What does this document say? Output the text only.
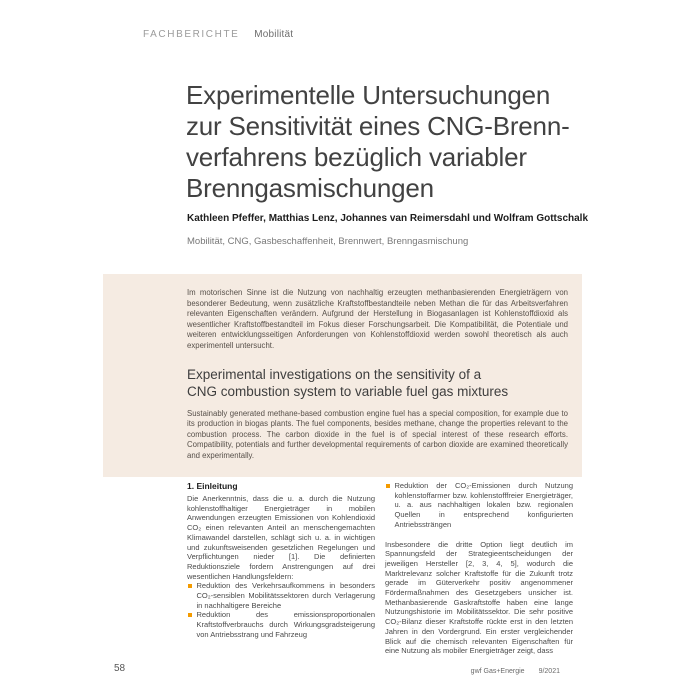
FACHBERICHTE Mobilität
Experimentelle Untersuchungen
zur Sensitivität eines CNG-Brenn-
verfahrens bezüglich variabler
Brenngasmischungen
Kathleen Pfeffer, Matthias Lenz, Johannes van Reimersdahl und Wolfram Gottschalk
Mobilität, CNG, Gasbeschaffenheit, Brennwert, Brenngasmischung

Im motorischen Sinne ist die Nutzung von nachhaltig erzeugten methanbasierenden Energieträgern von besonderer Bedeutung, wenn zusätzliche Kraftstoffbestandteile neben Methan die für das Arbeitsverfahren relevanten Eigenschaften verändern. Aufgrund der Herstellung in Biogasanlagen ist Kohlenstoffdioxid als wesentlicher Kraftstoffbestandteil im Fokus dieser Forschungsarbeit. Die Kompatibilität, die Potentiale und weiteren entwicklungsseitigen Anforderungen von Kohlenstoffdioxid werden sowohl theoretisch als auch experimentell untersucht.

Experimental investigations on the sensitivity of a
CNG combustion system to variable fuel gas mixtures

Sustainably generated methane-based combustion engine fuel has a special composition, for example due to its production in biogas plants. The fuel components, besides methane, change the properties relevant to the combustion process. The carbon dioxide in the fuel is of special interest of these research efforts. Compatibility, potentials and further developmental requirements of carbon dioxide are examined theoretically and experimentally.

1. Einleitung

Die Anerkenntnis, dass die u. a. durch die Nutzung kohlenstoffhaltiger Energieträger in mobilen Anwendungen erzeugten Emissionen von Kohlendioxid CO₂ einen relevanten Anteil an menschengemachten Klimawandel darstellen, schlägt sich u. a. in wichtigen und zukunftsweisenden gesetzlichen Regelungen und Verpflichtungen nieder [1]. Die definierten Reduktionsziele fordern Anstrengungen auf drei wesentlichen Handlungsfeldern:

Reduktion des Verkehrsaufkommens in besonders CO₂-sensiblen Mobilitätssektoren durch Verlagerung in nachhaltigere Bereiche
Reduktion des emissionsproportionalen Kraftstoffverbrauchs durch Wirkungsgradsteigerung von Antriebsstrang und Fahrzeug
Reduktion der CO₂-Emissionen durch Nutzung kohlenstoffarmer bzw. kohlenstofffreier Energieträger, u. a. aus nachhaltigen lokalen bzw. regionalen Quellen in entsprechend konfigurierten Antriebssträngen

Insbesondere die dritte Option liegt deutlich im Spannungsfeld der Strategieentscheidungen der jeweiligen Hersteller [2, 3, 4, 5], wodurch die Marktrelevanz solcher Kraftstoffe für die Zukunft trotz gerade im Güterverkehr positiv angenommener Fördermaßnahmen des Gesetzgebers unsicher ist. Methanbasierende Gaskraftstoffe haben eine lange Nutzungshistorie im Mobilitätssektor. Die sehr positive CO₂-Bilanz dieser Kraftstoffe rückte erst in den letzten Jahren in den Vordergrund. Ein erster vergleichender Blick auf die chemisch relevanten Eigenschaften für eine Nutzung als mobiler Energieträger zeigt, dass

58	gwf Gas+Energie 9/2021
